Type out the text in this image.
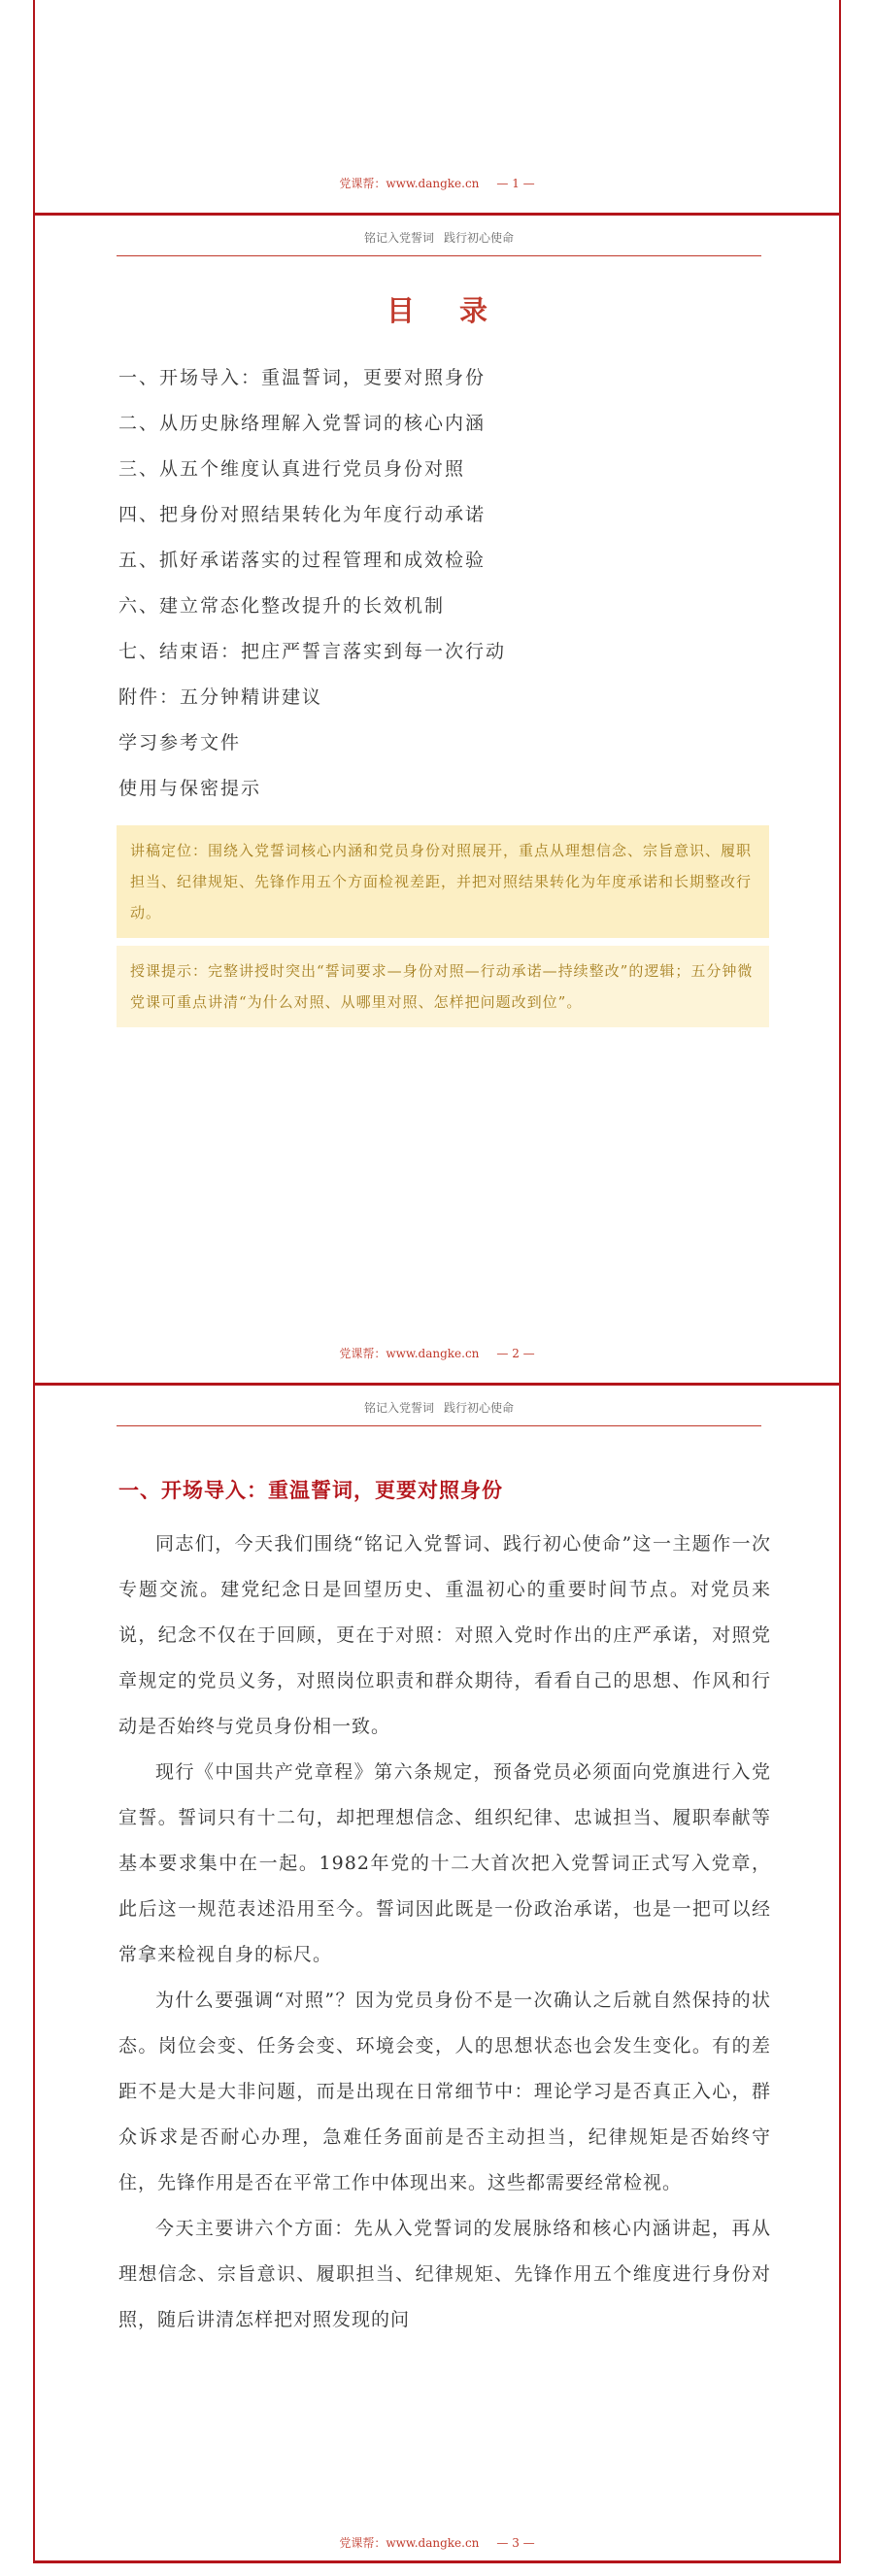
党课帮：www.dangke.cn — 1 —
铭记入党誓词 践行初心使命
目 录
一、开场导入：重温誓词，更要对照身份
二、从历史脉络理解入党誓词的核心内涵
三、从五个维度认真进行党员身份对照
四、把身份对照结果转化为年度行动承诺
五、抓好承诺落实的过程管理和成效检验
六、建立常态化整改提升的长效机制
七、结束语：把庄严誓言落实到每一次行动
附件：五分钟精讲建议
学习参考文件
使用与保密提示
讲稿定位：围绕入党誓词核心内涵和党员身份对照展开，重点从理想信念、宗旨意识、履职担当、纪律规矩、先锋作用五个方面检视差距，并把对照结果转化为年度承诺和长期整改行动。
授课提示：完整讲授时突出“誓词要求—身份对照—行动承诺—持续整改”的逻辑；五分钟微党课可重点讲清“为什么对照、从哪里对照、怎样把问题改到位”。
党课帮：www.dangke.cn — 2 —
铭记入党誓词 践行初心使命
一、开场导入：重温誓词，更要对照身份

同志们，今天我们围绕“铭记入党誓词、践行初心使命”这一主题作一次专题交流。建党纪念日是回望历史、重温初心的重要时间节点。对党员来说，纪念不仅在于回顾，更在于对照：对照入党时作出的庄严承诺，对照党章规定的党员义务，对照岗位职责和群众期待，看看自己的思想、作风和行动是否始终与党员身份相一致。

现行《中国共产党章程》第六条规定，预备党员必须面向党旗进行入党宣誓。誓词只有十二句，却把理想信念、组织纪律、忠诚担当、履职奉献等基本要求集中在一起。1982年党的十二大首次把入党誓词正式写入党章，此后这一规范表述沿用至今。誓词因此既是一份政治承诺，也是一把可以经常拿来检视自身的标尺。

为什么要强调“对照”？因为党员身份不是一次确认之后就自然保持的状态。岗位会变、任务会变、环境会变，人的思想状态也会发生变化。有的差距不是大是大非问题，而是出现在日常细节中：理论学习是否真正入心，群众诉求是否耐心办理，急难任务面前是否主动担当，纪律规矩是否始终守住，先锋作用是否在平常工作中体现出来。这些都需要经常检视。

今天主要讲六个方面：先从入党誓词的发展脉络和核心内涵讲起，再从理想信念、宗旨意识、履职担当、纪律规矩、先锋作用五个维度进行身份对照，随后讲清怎样把对照发现的问

党课帮：www.dangke.cn — 3 —
